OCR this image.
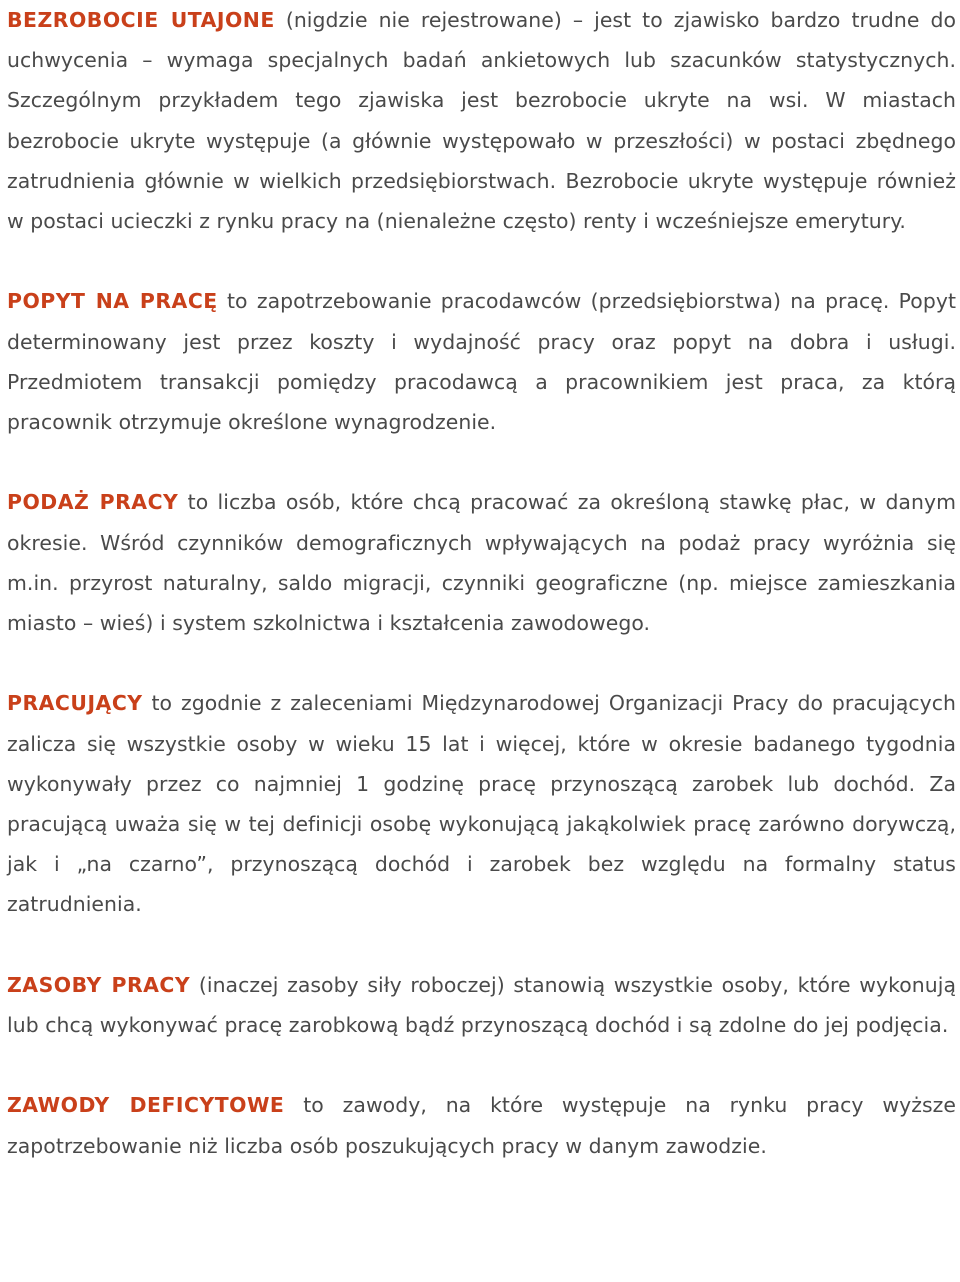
BEZROBOCIE UTAJONE (nigdzie nie rejestrowane) – jest to zjawisko bardzo trudne do uchwycenia – wymaga specjalnych badań ankietowych lub szacunków statystycznych. Szczególnym przykładem tego zjawiska jest bezrobocie ukryte na wsi. W miastach bezrobocie ukryte występuje (a głównie występowało w przeszłości) w postaci zbędnego zatrudnienia głównie w wielkich przedsiębiorstwach. Bezrobocie ukryte występuje również w postaci ucieczki z rynku pracy na (nienależne często) renty i wcześniejsze emerytury.

POPYT NA PRACĘ to zapotrzebowanie pracodawców (przedsiębiorstwa) na pracę. Popyt determinowany jest przez koszty i wydajność pracy oraz popyt na dobra i usługi. Przedmiotem transakcji pomiędzy pracodawcą a pracownikiem jest praca, za którą pracownik otrzymuje określone wynagrodzenie.

PODAŻ PRACY to liczba osób, które chcą pracować za określoną stawkę płac, w danym okresie. Wśród czynników demograficznych wpływających na podaż pracy wyróżnia się m.in. przyrost naturalny, saldo migracji, czynniki geograficzne (np. miejsce zamieszkania miasto – wieś) i system szkolnictwa i kształcenia zawodowego.

PRACUJĄCY to zgodnie z zaleceniami Międzynarodowej Organizacji Pracy do pracujących zalicza się wszystkie osoby w wieku 15 lat i więcej, które w okresie badanego tygodnia wykonywały przez co najmniej 1 godzinę pracę przynoszącą zarobek lub dochód. Za pracującą uważa się w tej definicji osobę wykonującą jakąkolwiek pracę zarówno dorywczą, jak i „na czarno”, przynoszącą dochód i zarobek bez względu na formalny status zatrudnienia.

ZASOBY PRACY (inaczej zasoby siły roboczej) stanowią wszystkie osoby, które wykonują lub chcą wykonywać pracę zarobkową bądź przynoszącą dochód i są zdolne do jej podjęcia.

ZAWODY DEFICYTOWE to zawody, na które występuje na rynku pracy wyższe zapotrzebowanie niż liczba osób poszukujących pracy w danym zawodzie.
